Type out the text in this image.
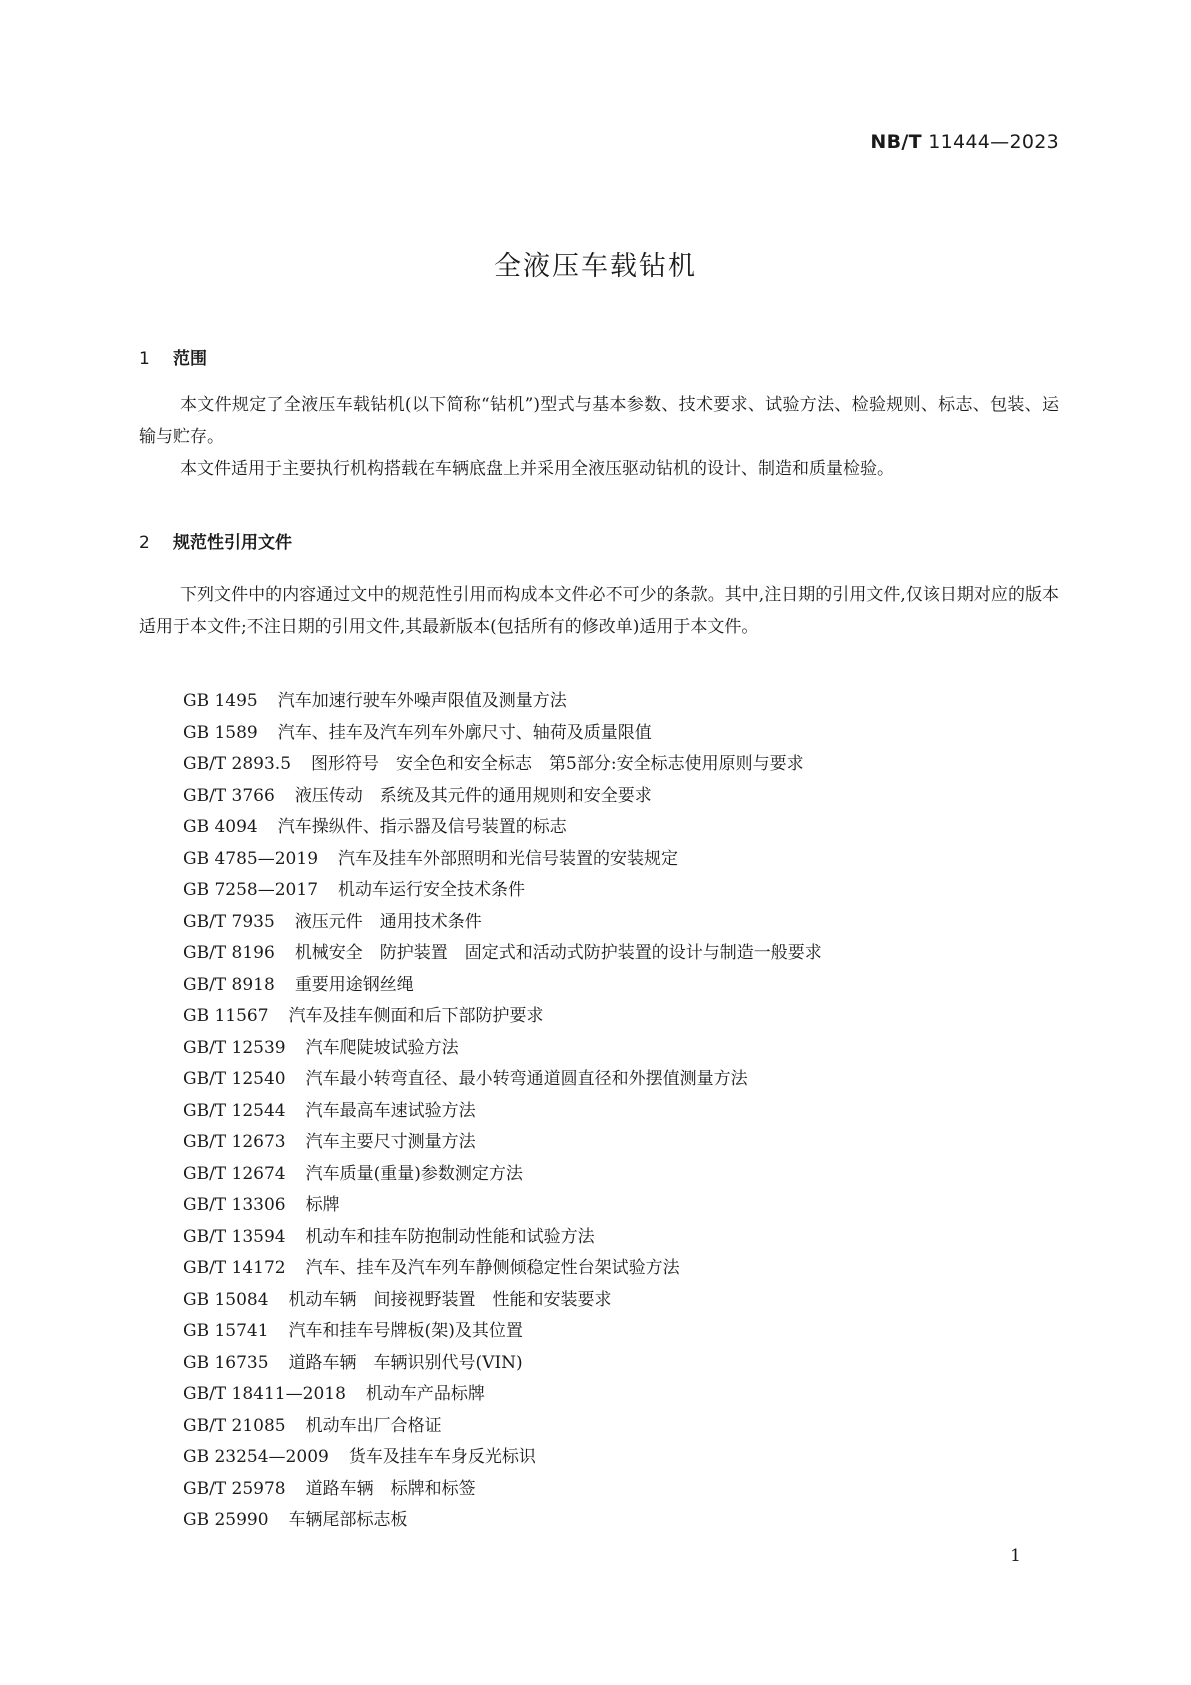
NB/T 11444—2023
全液压车载钻机
1 范围
本文件规定了全液压车载钻机(以下简称“钻机”)型式与基本参数、技术要求、试验方法、检验规则、标志、包装、运输与贮存。
本文件适用于主要执行机构搭载在车辆底盘上并采用全液压驱动钻机的设计、制造和质量检验。
2 规范性引用文件
下列文件中的内容通过文中的规范性引用而构成本文件必不可少的条款。其中,注日期的引用文件,仅该日期对应的版本适用于本文件;不注日期的引用文件,其最新版本(包括所有的修改单)适用于本文件。
GB 1495 汽车加速行驶车外噪声限值及测量方法
GB 1589 汽车、挂车及汽车列车外廓尺寸、轴荷及质量限值
GB/T 2893.5 图形符号　安全色和安全标志　第5部分:安全标志使用原则与要求
GB/T 3766 液压传动　系统及其元件的通用规则和安全要求
GB 4094 汽车操纵件、指示器及信号装置的标志
GB 4785—2019 汽车及挂车外部照明和光信号装置的安装规定
GB 7258—2017 机动车运行安全技术条件
GB/T 7935 液压元件　通用技术条件
GB/T 8196 机械安全　防护装置　固定式和活动式防护装置的设计与制造一般要求
GB/T 8918 重要用途钢丝绳
GB 11567 汽车及挂车侧面和后下部防护要求
GB/T 12539 汽车爬陡坡试验方法
GB/T 12540 汽车最小转弯直径、最小转弯通道圆直径和外摆值测量方法
GB/T 12544 汽车最高车速试验方法
GB/T 12673 汽车主要尺寸测量方法
GB/T 12674 汽车质量(重量)参数测定方法
GB/T 13306 标牌
GB/T 13594 机动车和挂车防抱制动性能和试验方法
GB/T 14172 汽车、挂车及汽车列车静侧倾稳定性台架试验方法
GB 15084 机动车辆　间接视野装置　性能和安装要求
GB 15741 汽车和挂车号牌板(架)及其位置
GB 16735 道路车辆　车辆识别代号(VIN)
GB/T 18411—2018 机动车产品标牌
GB/T 21085 机动车出厂合格证
GB 23254—2009 货车及挂车车身反光标识
GB/T 25978 道路车辆　标牌和标签
GB 25990 车辆尾部标志板
1
